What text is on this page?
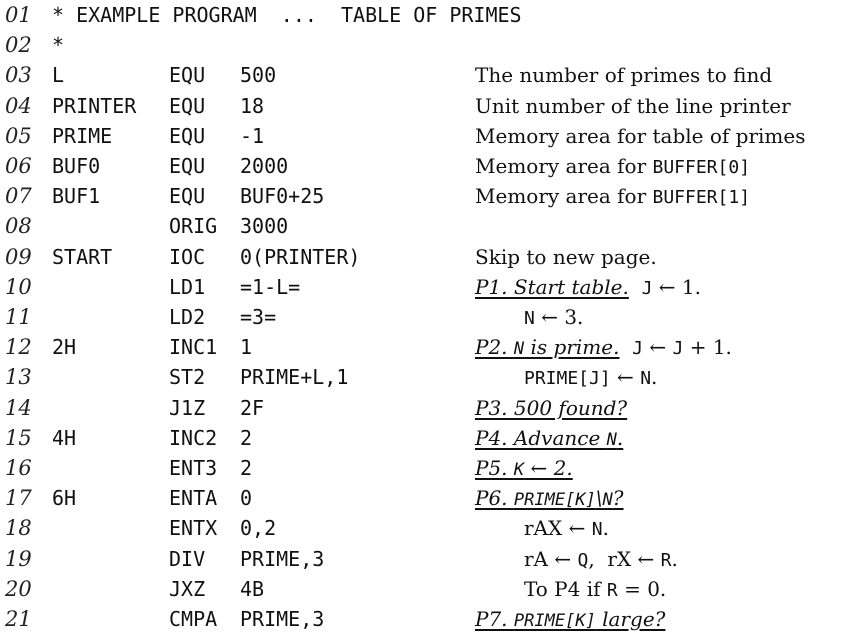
01 * EXAMPLE PROGRAM  ...  TABLE OF PRIMES
02 *
03 L	EQU 500	The number of primes to find
04 PRINTER EQU 18	Unit number of the line printer
05 PRIME	EQU -1	Memory area for table of primes
06 BUF0	EQU 2000	Memory area for BUFFER[0]
07 BUF1	EQU BUF0+25	Memory area for BUFFER[1]
08	ORIG 3000
09 START	IOC 0(PRINTER)	Skip to new page.
10	LD1 =1-L=	P1. Start table. J ← 1.
11	LD2 =3=	N ← 3.
12 2H	INC1 1	P2. N is prime. J ← J + 1.
13	ST2 PRIME+L,1	PRIME[J] ← N.
14	J1Z 2F	P3. 500 found?
15 4H	INC2 2	P4. Advance N.
16	ENT3 2	P5. K ← 2.
17 6H	ENTA 0	P6. PRIME[K]\N?
18	ENTX 0,2	rAX ← N.
19	DIV PRIME,3	rA ← Q,  rX ← R.
20	JXZ 4B	To P4 if R = 0.
21	CMPA PRIME,3	P7. PRIME[K] large?
